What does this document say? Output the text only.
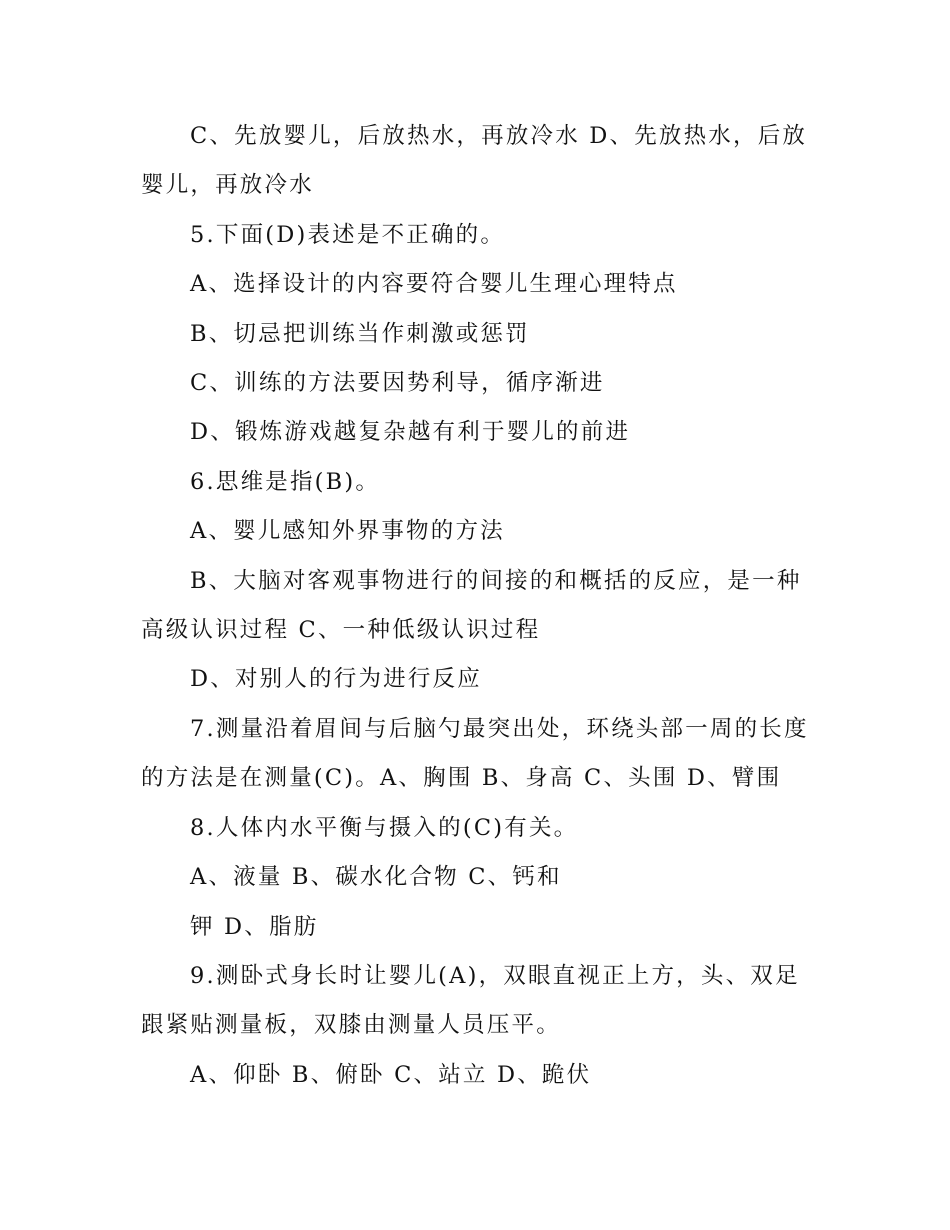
C、先放婴儿，后放热水，再放冷水 D、先放热水，后放
婴儿，再放冷水

5.下面(D)表述是不正确的。

A、选择设计的内容要符合婴儿生理心理特点

B、切忌把训练当作刺激或惩罚

C、训练的方法要因势利导，循序渐进

D、锻炼游戏越复杂越有利于婴儿的前进

6.思维是指(B)。

A、婴儿感知外界事物的方法

B、大脑对客观事物进行的间接的和概括的反应，是一种
高级认识过程 C、一种低级认识过程

D、对别人的行为进行反应

7.测量沿着眉间与后脑勺最突出处，环绕头部一周的长度
的方法是在测量(C)。A、胸围 B、身高 C、头围 D、臂围

8.人体内水平衡与摄入的(C)有关。

A、液量 B、碳水化合物 C、钙和

钾 D、脂肪

9.测卧式身长时让婴儿(A)，双眼直视正上方，头、双足
跟紧贴测量板，双膝由测量人员压平。

A、仰卧 B、俯卧 C、站立 D、跪伏
